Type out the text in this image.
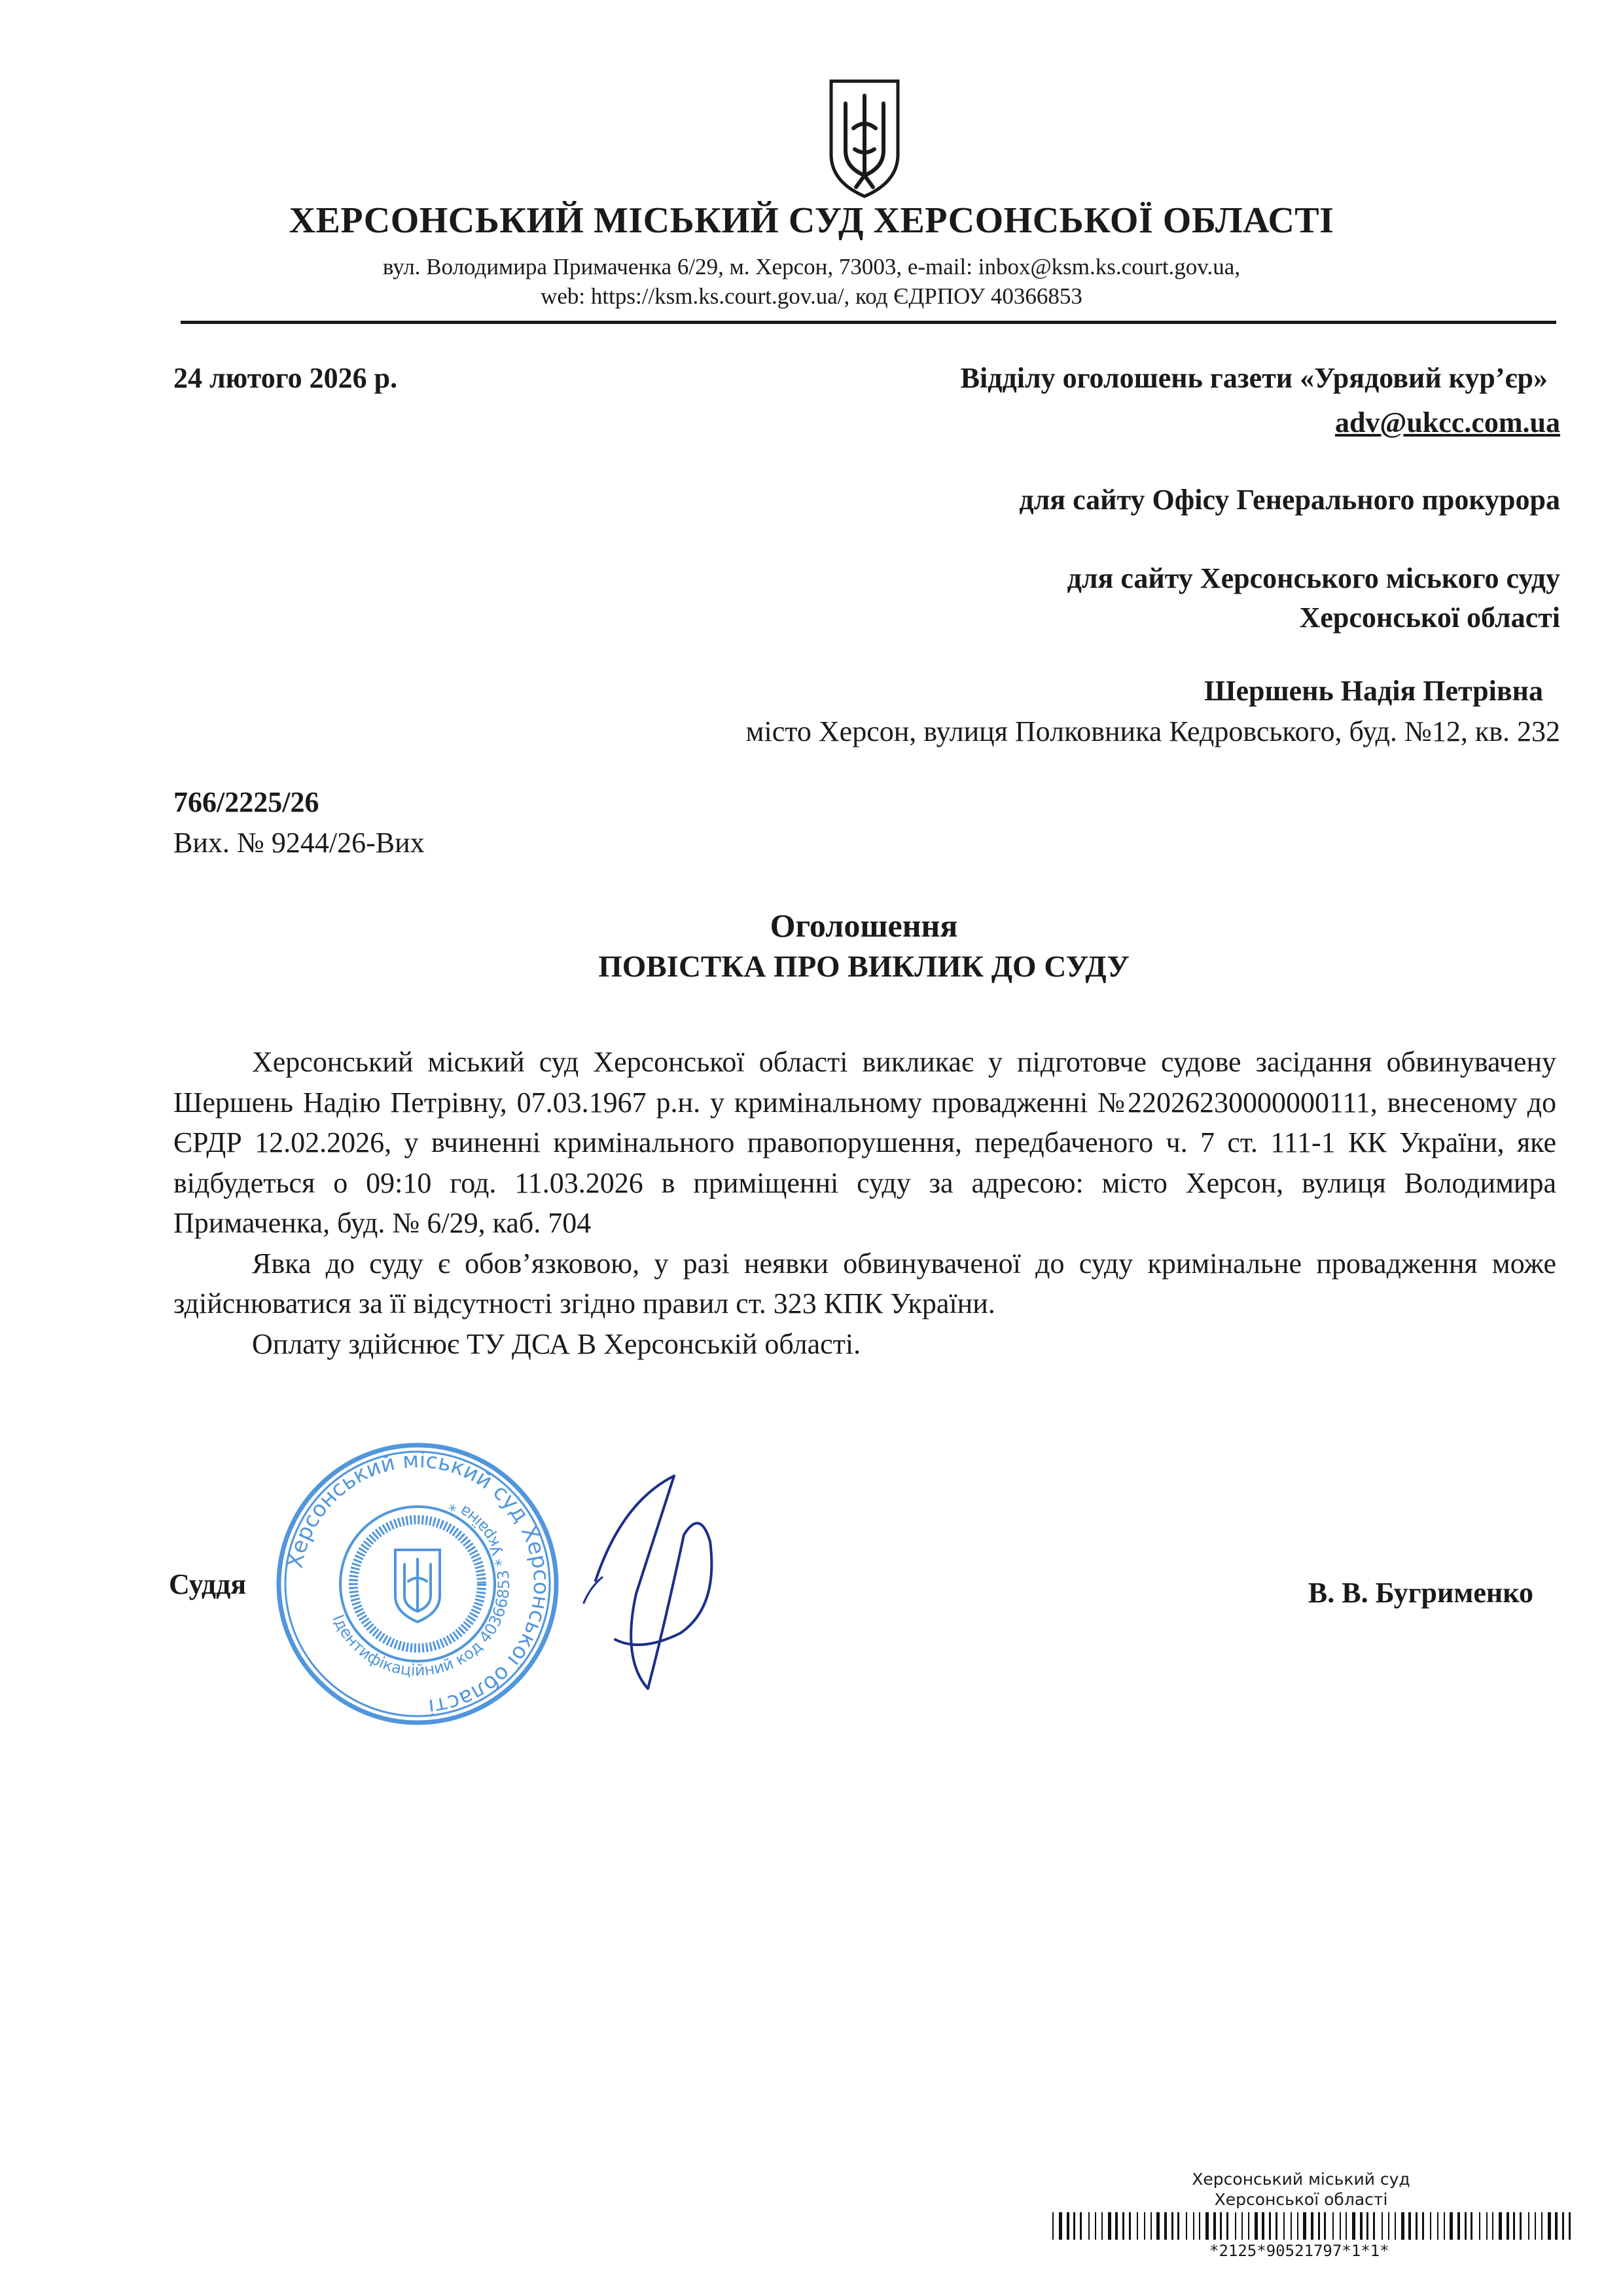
ХЕРСОНСЬКИЙ МІСЬКИЙ СУД ХЕРСОНСЬКОЇ ОБЛАСТІ
вул. Володимира Примаченка 6/29, м. Херсон, 73003, e-mail: inbox@ksm.ks.court.gov.ua,
web: https://ksm.ks.court.gov.ua/, код ЄДРПОУ 40366853
24 лютого 2026 р.	Відділу оголошень газети «Урядовий кур’єр»
adv@ukcc.com.ua
для сайту Офісу Генерального прокурора
для сайту Херсонського міського суду
Херсонської області
Шершень Надія Петрівна
місто Херсон, вулиця Полковника Кедровського, буд. №12, кв. 232
766/2225/26
Вих. № 9244/26-Вих
Оголошення
ПОВІСТКА ПРО ВИКЛИК ДО СУДУ

Херсонський міський суд Херсонської області викликає у підготовче судове засідання обвинувачену Шершень Надію Петрівну, 07.03.1967 р.н. у кримінальному провадженні №22026230000000111, внесеному до ЄРДР 12.02.2026, у вчиненні кримінального правопорушення, передбаченого ч. 7 ст. 111-1 КК України, яке відбудеться о 09:10 год. 11.03.2026 в приміщенні суду за адресою: місто Херсон, вулиця Володимира Примаченка, буд. № 6/29, каб. 704

Явка до суду є обов’язковою, у разі неявки обвинуваченої до суду кримінальне провадження може здійснюватися за її відсутності згідно правил ст. 323 КПК України.

Оплату здійснює ТУ ДСА В Херсонській області.

Суддя
Херсонський міський суд Херсонської області
Ідентифікаційний код 40366853 * Україна *
В. В. Бугрименко
Херсонський міський суд
Херсонської області
*2125*90521797*1*1*
